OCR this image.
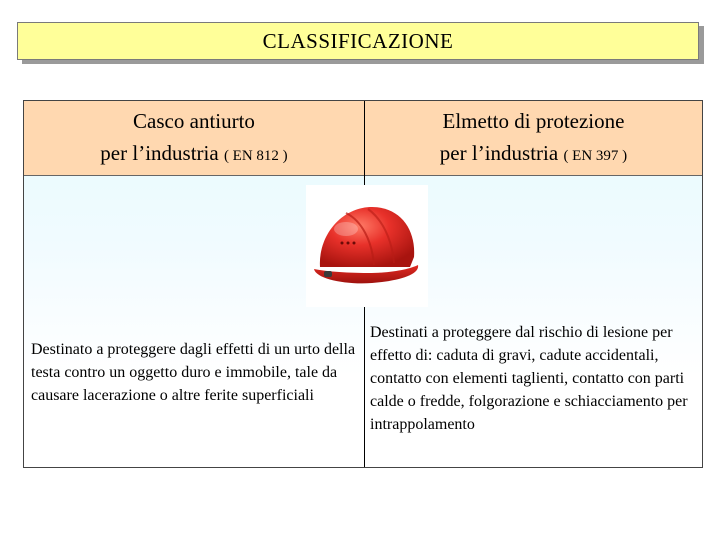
CLASSIFICAZIONE
Casco antiurto
per l’industria ( EN 812 )
Elmetto di protezione
per l’industria ( EN 397 )
Destinato a proteggere dagli effetti di un urto della testa contro un oggetto duro e immobile, tale da causare lacerazione o altre ferite superficiali
Destinati a proteggere dal rischio di lesione per effetto di: caduta di gravi, cadute accidentali, contatto con elementi taglienti, contatto con parti calde o fredde, folgorazione e schiacciamento per intrappolamento
